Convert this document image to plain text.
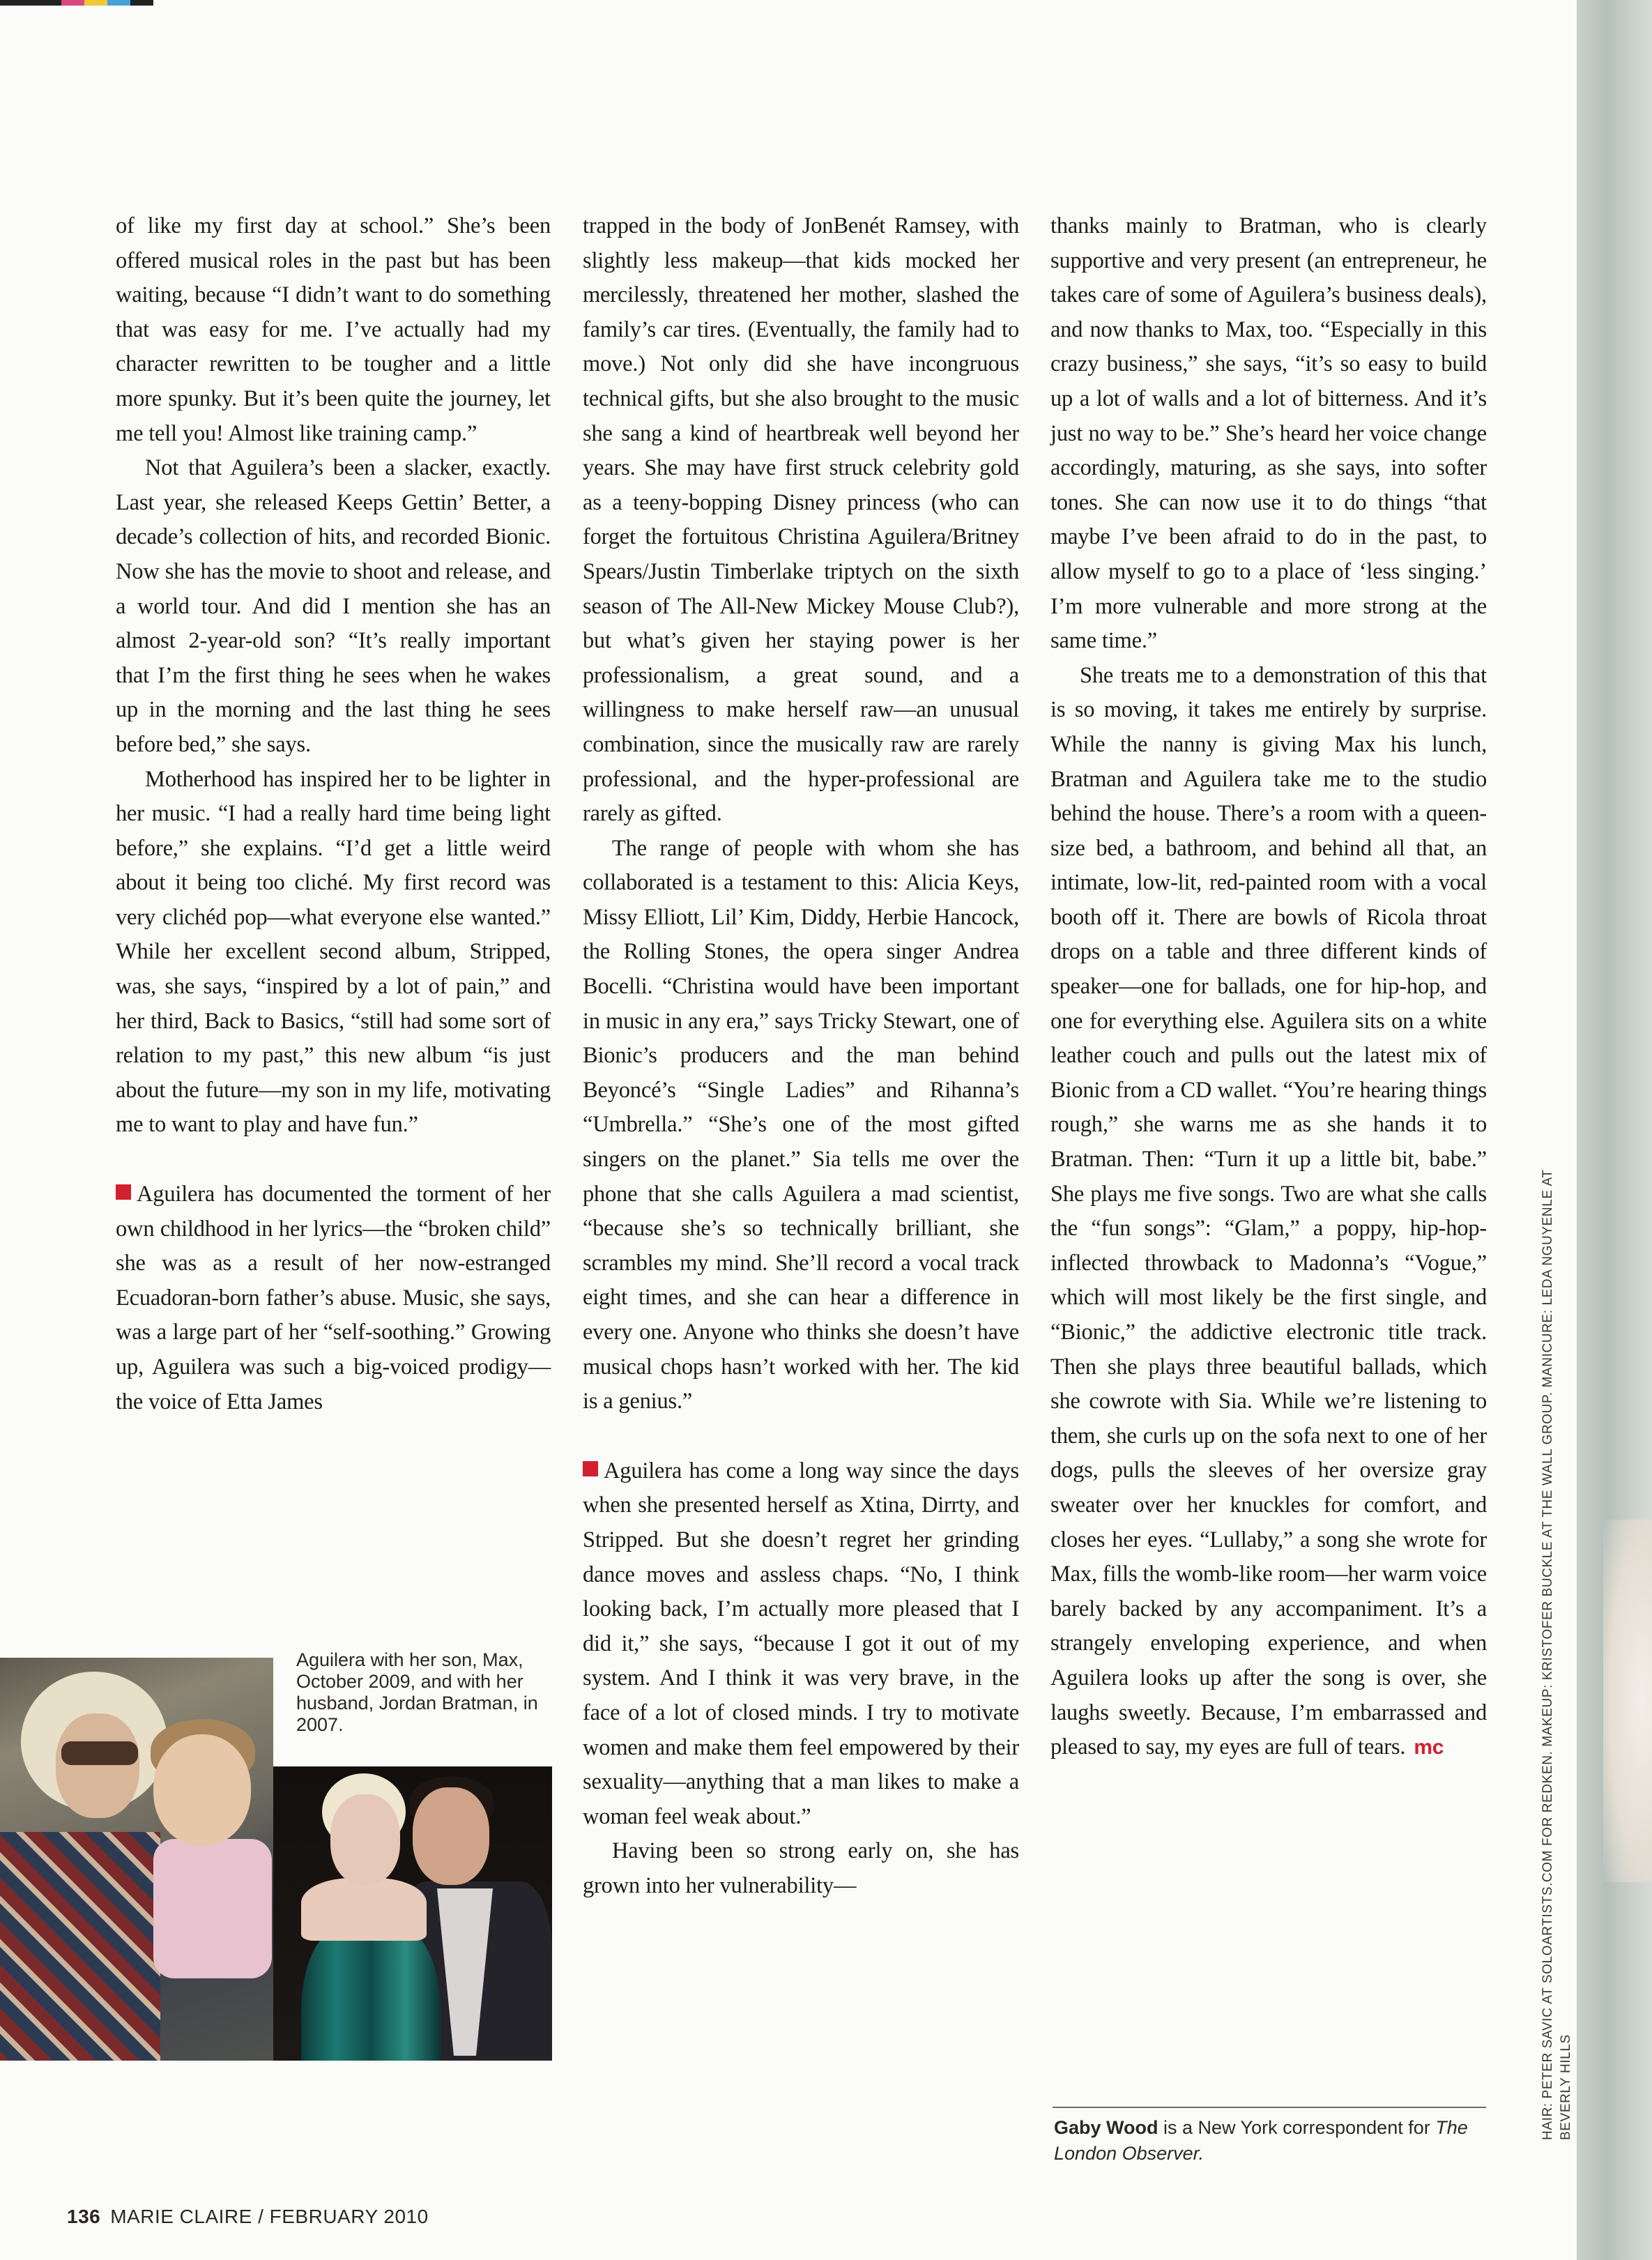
of like my first day at school.” She’s been offered musical roles in the past but has been waiting, because “I didn’t want to do something that was easy for me. I’ve actually had my character rewritten to be tougher and a little more spunky. But it’s been quite the journey, let me tell you! Almost like training camp.”

Not that Aguilera’s been a slacker, exactly. Last year, she released Keeps Gettin’ Better, a decade’s collection of hits, and recorded Bionic. Now she has the movie to shoot and release, and a world tour. And did I mention she has an almost 2-year-old son? “It’s really important that I’m the first thing he sees when he wakes up in the morning and the last thing he sees before bed,” she says.

Motherhood has inspired her to be lighter in her music. “I had a really hard time being light before,” she explains. “I’d get a little weird about it being too cliché. My first record was very clichéd pop—what everyone else wanted.” While her excellent second album, Stripped, was, she says, “inspired by a lot of pain,” and her third, Back to Basics, “still had some sort of relation to my past,” this new album “is just about the future—my son in my life, motivating me to want to play and have fun.”

Aguilera has documented the torment of her own childhood in her lyrics—the “broken child” she was as a result of her now-estranged Ecuadoran-born father’s abuse. Music, she says, was a large part of her “self-soothing.” Growing up, Aguilera was such a big-voiced prodigy—the voice of Etta James

trapped in the body of JonBenét Ramsey, with slightly less makeup—that kids mocked her mercilessly, threatened her mother, slashed the family’s car tires. (Eventually, the family had to move.) Not only did she have incongruous technical gifts, but she also brought to the music she sang a kind of heartbreak well beyond her years. She may have first struck celebrity gold as a teeny-bopping Disney princess (who can forget the fortuitous Christina Aguilera/Britney Spears/Justin Timberlake triptych on the sixth season of The All-New Mickey Mouse Club?), but what’s given her staying power is her professionalism, a great sound, and a willingness to make herself raw—an unusual combination, since the musically raw are rarely professional, and the hyper-professional are rarely as gifted.

The range of people with whom she has collaborated is a testament to this: Alicia Keys, Missy Elliott, Lil’ Kim, Diddy, Herbie Hancock, the Rolling Stones, the opera singer Andrea Bocelli. “Christina would have been important in music in any era,” says Tricky Stewart, one of Bionic’s producers and the man behind Beyoncé’s “Single Ladies” and Rihanna’s “Umbrella.” “She’s one of the most gifted singers on the planet.” Sia tells me over the phone that she calls Aguilera a mad scientist, “because she’s so technically brilliant, she scrambles my mind. She’ll record a vocal track eight times, and she can hear a difference in every one. Anyone who thinks she doesn’t have musical chops hasn’t worked with her. The kid is a genius.”

Aguilera has come a long way since the days when she presented herself as Xtina, Dirrty, and Stripped. But she doesn’t regret her grinding dance moves and assless chaps. “No, I think looking back, I’m actually more pleased that I did it,” she says, “because I got it out of my system. And I think it was very brave, in the face of a lot of closed minds. I try to motivate women and make them feel empowered by their sexuality—anything that a man likes to make a woman feel weak about.”

Having been so strong early on, she has grown into her vulnerability—

thanks mainly to Bratman, who is clearly supportive and very present (an entrepreneur, he takes care of some of Aguilera’s business deals), and now thanks to Max, too. “Especially in this crazy business,” she says, “it’s so easy to build up a lot of walls and a lot of bitterness. And it’s just no way to be.” She’s heard her voice change accordingly, maturing, as she says, into softer tones. She can now use it to do things “that maybe I’ve been afraid to do in the past, to allow myself to go to a place of ‘less singing.’ I’m more vulnerable and more strong at the same time.”

She treats me to a demonstration of this that is so moving, it takes me entirely by surprise. While the nanny is giving Max his lunch, Bratman and Aguilera take me to the studio behind the house. There’s a room with a queen-size bed, a bathroom, and behind all that, an intimate, low-lit, red-painted room with a vocal booth off it. There are bowls of Ricola throat drops on a table and three different kinds of speaker—one for ballads, one for hip-hop, and one for everything else. Aguilera sits on a white leather couch and pulls out the latest mix of Bionic from a CD wallet. “You’re hearing things rough,” she warns me as she hands it to Bratman. Then: “Turn it up a little bit, babe.” She plays me five songs. Two are what she calls the “fun songs”: “Glam,” a poppy, hip-hop-inflected throwback to Madonna’s “Vogue,” which will most likely be the first single, and “Bionic,” the addictive electronic title track. Then she plays three beautiful ballads, which she cowrote with Sia. While we’re listening to them, she curls up on the sofa next to one of her dogs, pulls the sleeves of her oversize gray sweater over her knuckles for comfort, and closes her eyes. “Lullaby,” a song she wrote for Max, fills the womb-like room—her warm voice barely backed by any accompaniment. It’s a strangely enveloping experience, and when Aguilera looks up after the song is over, she laughs sweetly. Because, I’m embarrassed and pleased to say, my eyes are full of tears. mc

Gaby Wood is a New York correspondent for The London Observer.
Aguilera with her son, Max, October 2009, and with her husband, Jordan Bratman, in 2007.
136 MARIE CLAIRE / FEBRUARY 2010
HAIR: PETER SAVIC AT SOLOARTISTS.COM FOR REDKEN. MAKEUP: KRISTOFER BUCKLE AT THE WALL GROUP. MANICURE: LEDA NGUYENLE AT BEVERLY HILLS
